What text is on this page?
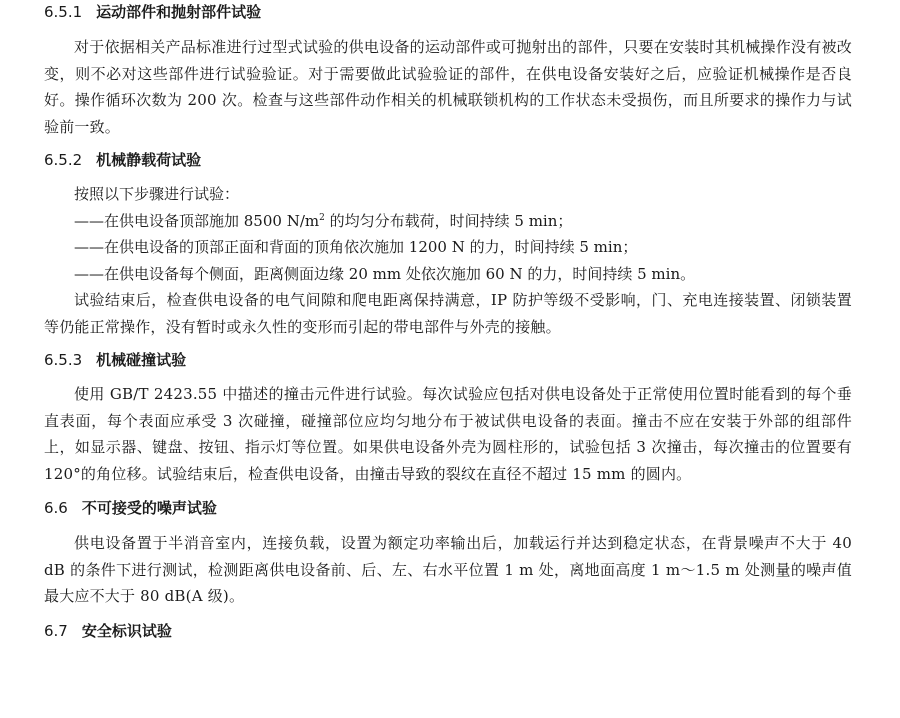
6.5.1 运动部件和抛射部件试验

对于依据相关产品标准进行过型式试验的供电设备的运动部件或可抛射出的部件，只要在安装时其机械操作没有被改变，则不必对这些部件进行试验验证。对于需要做此试验验证的部件，在供电设备安装好之后，应验证机械操作是否良好。操作循环次数为 200 次。检查与这些部件动作相关的机械联锁机构的工作状态未受损伤，而且所要求的操作力与试验前一致。

6.5.2 机械静载荷试验

按照以下步骤进行试验：

——在供电设备顶部施加 8500 $N/m^2$ 的均匀分布载荷，时间持续 5 min；

——在供电设备的顶部正面和背面的顶角依次施加 1200 N 的力，时间持续 5 min；

——在供电设备每个侧面，距离侧面边缘 20 mm 处依次施加 60 N 的力，时间持续 5 min。

试验结束后，检查供电设备的电气间隙和爬电距离保持满意，IP 防护等级不受影响，门、充电连接装置、闭锁装置等仍能正常操作，没有暂时或永久性的变形而引起的带电部件与外壳的接触。

6.5.3 机械碰撞试验

使用 GB/T 2423.55 中描述的撞击元件进行试验。每次试验应包括对供电设备处于正常使用位置时能看到的每个垂直表面，每个表面应承受 3 次碰撞，碰撞部位应均匀地分布于被试供电设备的表面。撞击不应在安装于外部的组部件上，如显示器、键盘、按钮、指示灯等位置。如果供电设备外壳为圆柱形的，试验包括 3 次撞击，每次撞击的位置要有 120°的角位移。试验结束后，检查供电设备，由撞击导致的裂纹在直径不超过 15 mm 的圆内。

6.6 不可接受的噪声试验

供电设备置于半消音室内，连接负载，设置为额定功率输出后，加载运行并达到稳定状态，在背景噪声不大于 40 dB 的条件下进行测试，检测距离供电设备前、后、左、右水平位置 1 m 处，离地面高度 1 m～1.5 m 处测量的噪声值最大应不大于 80 dB(A 级)。

6.7 安全标识试验
